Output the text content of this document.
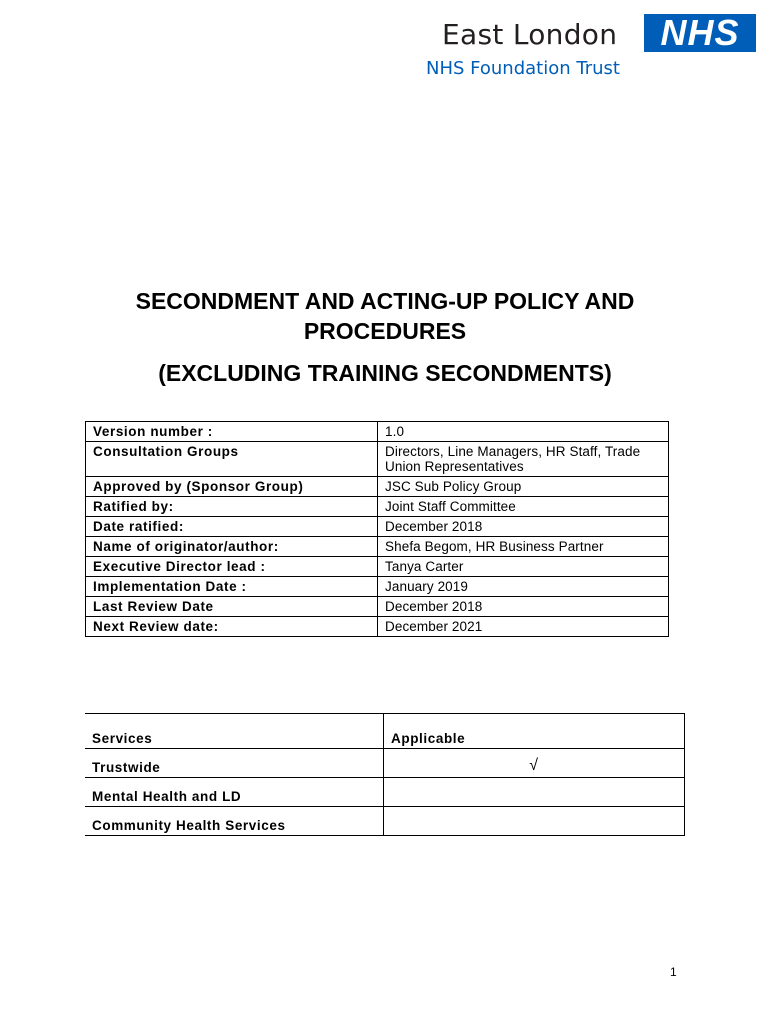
East London	NHS
NHS Foundation Trust
SECONDMENT AND ACTING-UP POLICY AND
PROCEDURES
(EXCLUDING TRAINING SECONDMENTS)
Version number :	1.0
Consultation Groups	Directors, Line Managers, HR Staff, Trade Union Representatives
Approved by (Sponsor Group)	JSC Sub Policy Group
Ratified by:	Joint Staff Committee
Date ratified:	December 2018
Name of originator/author:	Shefa Begom, HR Business Partner
Executive Director lead :	Tanya Carter
Implementation Date :	January 2019
Last Review Date	December 2018
Next Review date:	December 2021
Services	Applicable
Trustwide	√
Mental Health and LD	
Community Health Services	
1
